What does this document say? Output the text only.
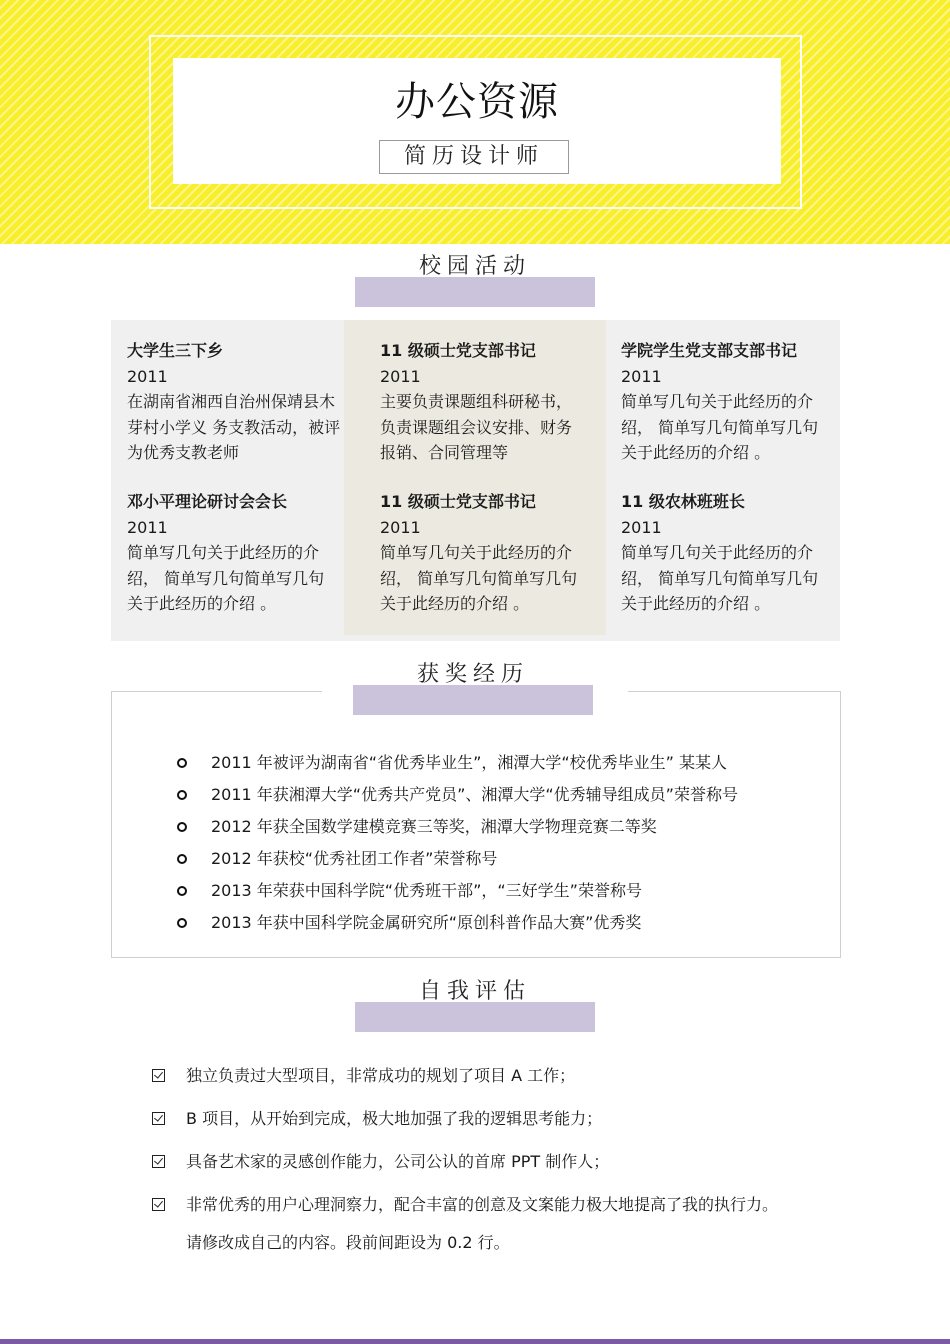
办公资源
简历设计师
校园活动
大学生三下乡
2011
在湖南省湘西自治州保靖县木芽村小学义 务支教活动，被评为优秀支教老师
11 级硕士党支部书记
2011
主要负责课题组科研秘书，负责课题组会议安排、财务报销、合同管理等
学院学生党支部支部书记
2011
简单写几句关于此经历的介绍， 简单写几句简单写几句关于此经历的介绍 。
邓小平理论研讨会会长
2011
简单写几句关于此经历的介绍， 简单写几句简单写几句关于此经历的介绍 。
11 级硕士党支部书记
2011
简单写几句关于此经历的介绍， 简单写几句简单写几句关于此经历的介绍 。
11 级农林班班长
2011
简单写几句关于此经历的介绍， 简单写几句简单写几句关于此经历的介绍 。
获奖经历
2011 年被评为湖南省“省优秀毕业生”，湘潭大学“校优秀毕业生” 某某人
2011 年获湘潭大学“优秀共产党员”、湘潭大学“优秀辅导组成员”荣誉称号
2012 年获全国数学建模竞赛三等奖，湘潭大学物理竞赛二等奖
2012 年获校“优秀社团工作者”荣誉称号
2013 年荣获中国科学院“优秀班干部”，“三好学生”荣誉称号
2013 年获中国科学院金属研究所“原创科普作品大赛”优秀奖
自我评估
独立负责过大型项目，非常成功的规划了项目 A 工作；
B 项目，从开始到完成，极大地加强了我的逻辑思考能力；
具备艺术家的灵感创作能力，公司公认的首席 PPT 制作人；
非常优秀的用户心理洞察力，配合丰富的创意及文案能力极大地提高了我的执行力。
请修改成自己的内容。段前间距设为 0.2 行。
